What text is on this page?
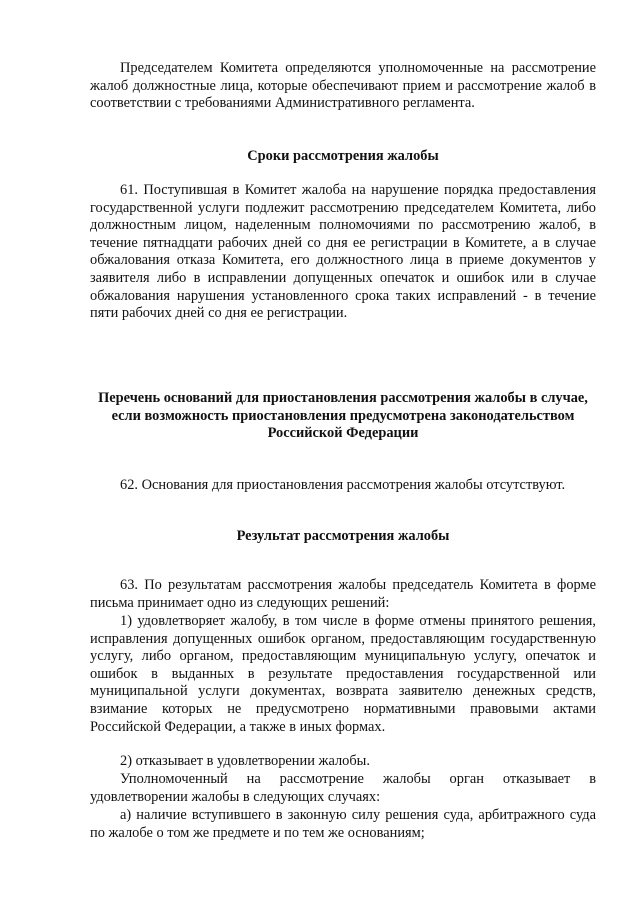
Председателем Комитета определяются уполномоченные на рассмотрение жалоб должностные лица, которые обеспечивают прием и рассмотрение жалоб в соответствии с требованиями Административного регламента.
Сроки рассмотрения жалобы
61. Поступившая в Комитет жалоба на нарушение порядка предоставления государственной услуги подлежит рассмотрению председателем Комитета, либо должностным лицом, наделенным полномочиями по рассмотрению жалоб, в течение пятнадцати рабочих дней со дня ее регистрации в Комитете, а в случае обжалования отказа Комитета, его должностного лица в приеме документов у заявителя либо в исправлении допущенных опечаток и ошибок или в случае обжалования нарушения установленного срока таких исправлений - в течение пяти рабочих дней со дня ее регистрации.
Перечень оснований для приостановления рассмотрения жалобы в случае, если возможность приостановления предусмотрена законодательством Российской Федерации
62. Основания для приостановления рассмотрения жалобы отсутствуют.
Результат рассмотрения жалобы
63. По результатам рассмотрения жалобы председатель Комитета в форме письма принимает одно из следующих решений:
1) удовлетворяет жалобу, в том числе в форме отмены принятого решения, исправления допущенных ошибок органом, предоставляющим государственную услугу, либо органом, предоставляющим муниципальную услугу, опечаток и ошибок в выданных в результате предоставления государственной или муниципальной услуги документах, возврата заявителю денежных средств, взимание которых не предусмотрено нормативными правовыми актами Российской Федерации, а также в иных формах.
2) отказывает в удовлетворении жалобы.
Уполномоченный на рассмотрение жалобы орган отказывает в удовлетворении жалобы в следующих случаях:
а) наличие вступившего в законную силу решения суда, арбитражного суда по жалобе о том же предмете и по тем же основаниям;
